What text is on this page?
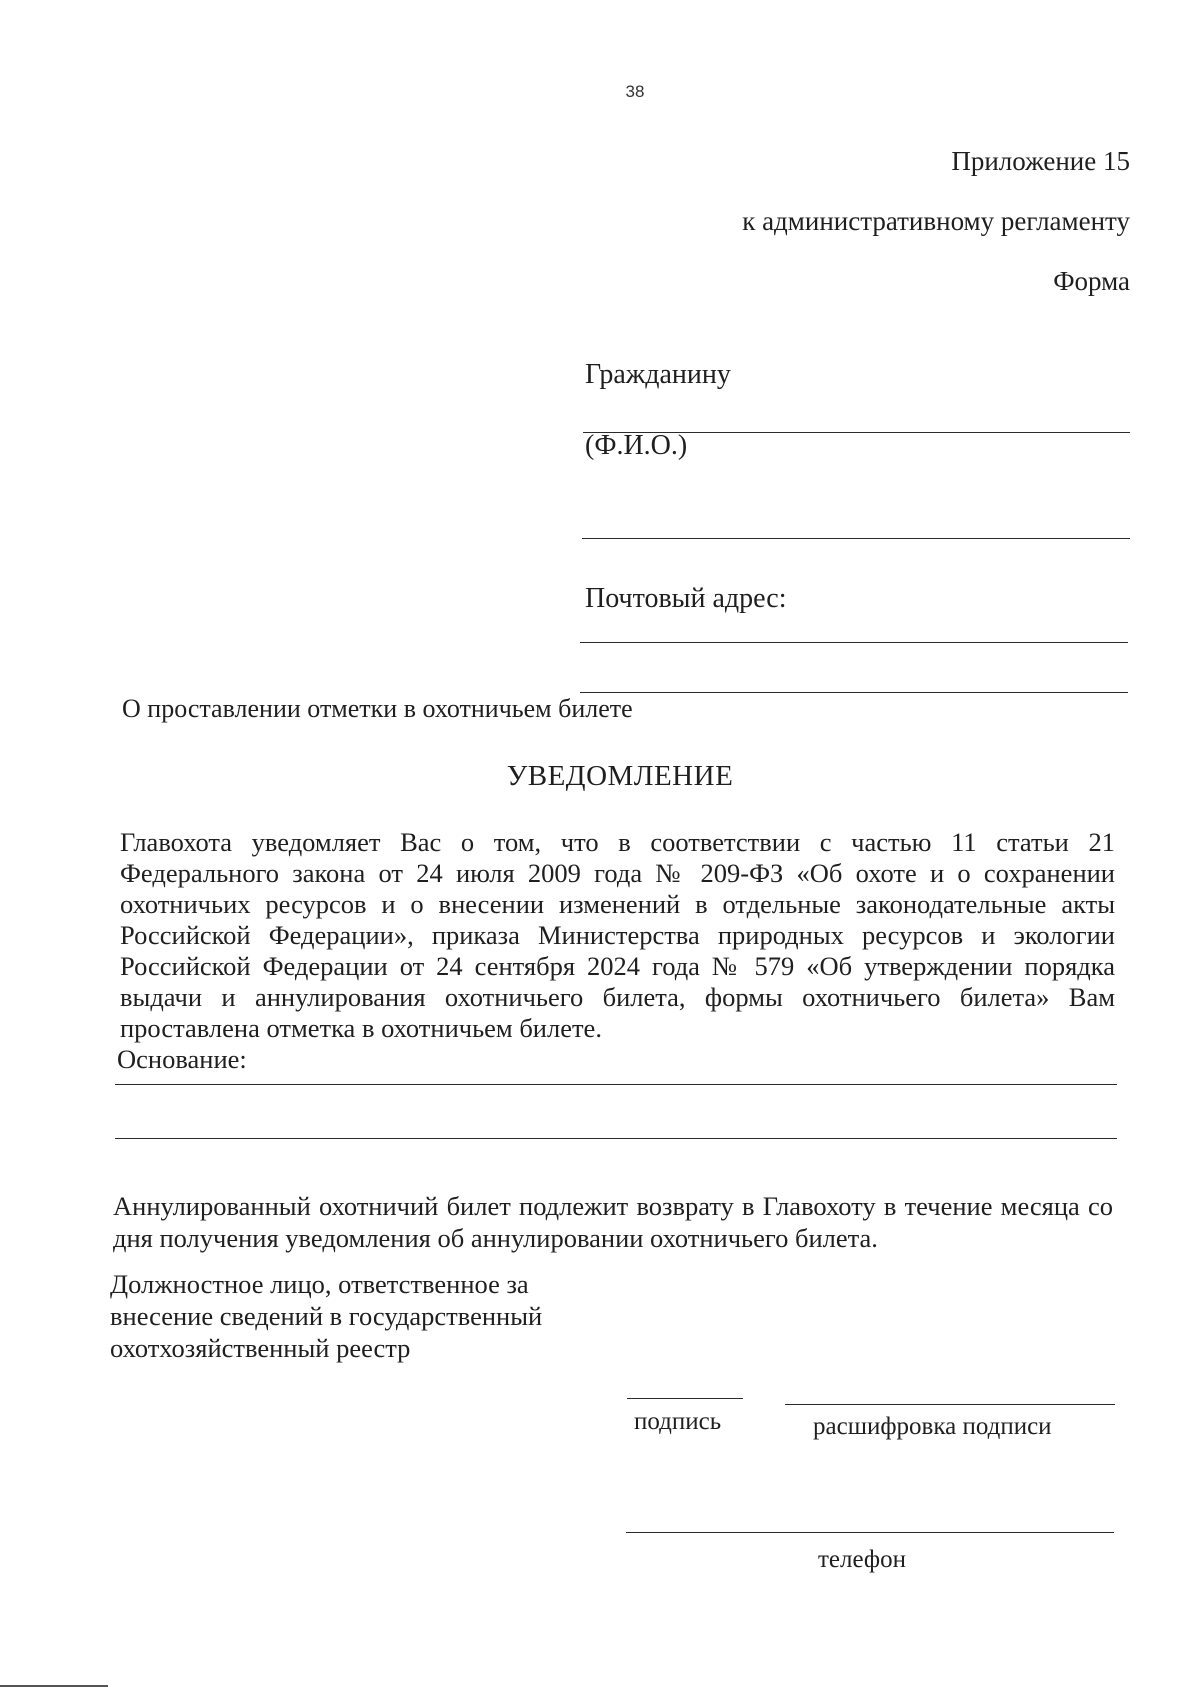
38
Приложение 15
к административному регламенту
Форма
Гражданину
(Ф.И.О.)
Почтовый адрес:
О проставлении отметки в охотничьем билете
УВЕДОМЛЕНИЕ
Главохота уведомляет Вас о том, что в соответствии с частью 11 статьи 21 Федерального закона от 24 июля 2009 года № 209-ФЗ «Об охоте и о сохранении охотничьих ресурсов и о внесении изменений в отдельные законодательные акты Российской Федерации», приказа Министерства природных ресурсов и экологии Российской Федерации от 24 сентября 2024 года № 579 «Об утверждении порядка выдачи и аннулирования охотничьего билета, формы охотничьего билета» Вам проставлена отметка в охотничьем билете.
Основание:
Аннулированный охотничий билет подлежит возврату в Главохоту в течение месяца со дня получения уведомления об аннулировании охотничьего билета.
Должностное лицо, ответственное за внесение сведений в государственный охотхозяйственный реестр
подпись	расшифровка подписи
телефон
